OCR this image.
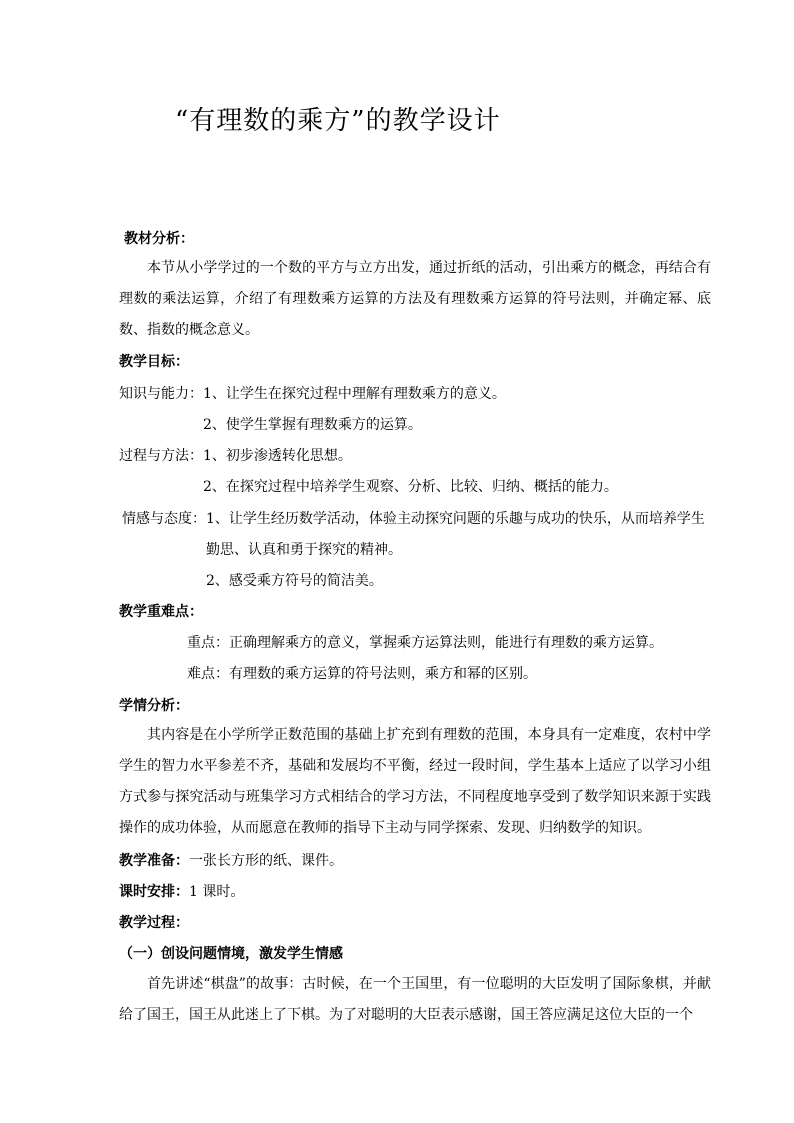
“有理数的乘方”的教学设计
教材分析：
本节从小学学过的一个数的平方与立方出发，通过折纸的活动，引出乘方的概念，再结合有理数的乘法运算，介绍了有理数乘方运算的方法及有理数乘方运算的符号法则，并确定幂、底数、指数的概念意义。
教学目标：
知识与能力： 1、让学生在探究过程中理解有理数乘方的意义。
2、使学生掌握有理数乘方的运算。
过程与方法： 1、初步渗透转化思想。
2、在探究过程中培养学生观察、分析、比较、归纳、概括的能力。
情感与态度： 1、让学生经历数学活动，体验主动探究问题的乐趣与成功的快乐，从而培养学生
勤思、认真和勇于探究的精神。
2、感受乘方符号的简洁美。
教学重难点：
重点：正确理解乘方的意义，掌握乘方运算法则，能进行有理数的乘方运算。
难点：有理数的乘方运算的符号法则，乘方和幂的区别。
学情分析：
其内容是在小学所学正数范围的基础上扩充到有理数的范围，本身具有一定难度，农村中学学生的智力水平参差不齐，基础和发展均不平衡，经过一段时间，学生基本上适应了以学习小组方式参与探究活动与班集学习方式相结合的学习方法，不同程度地享受到了数学知识来源于实践操作的成功体验，从而愿意在教师的指导下主动与同学探索、发现、归纳数学的知识。
教学准备：一张长方形的纸、课件。
课时安排：1 课时。
教学过程：
（一）创设问题情境，激发学生情感
首先讲述“棋盘”的故事：古时候，在一个王国里，有一位聪明的大臣发明了国际象棋，并献给了国王，国王从此迷上了下棋。为了对聪明的大臣表示感谢，国王答应满足这位大臣的一个
